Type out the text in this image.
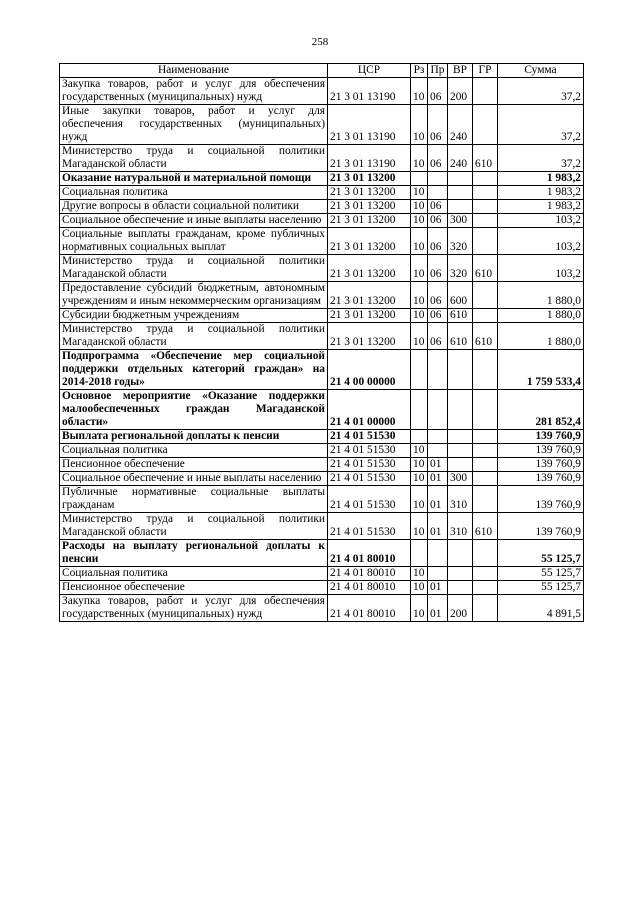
258
Наименование	ЦСР	Рз	Пр	ВР	ГР	Сумма
Закупка товаров, работ и услуг для обеспечения государственных (муниципальных) нужд	21 3 01 13190	10	06	200		37,2
Иные закупки товаров, работ и услуг для обеспечения государственных (муниципальных) нужд	21 3 01 13190	10	06	240		37,2
Министерство труда и социальной политики Магаданской области	21 3 01 13190	10	06	240	610	37,2
Оказание натуральной и материальной помощи	21 3 01 13200					1 983,2
Социальная политика	21 3 01 13200	10				1 983,2
Другие вопросы в области социальной политики	21 3 01 13200	10	06			1 983,2
Социальное обеспечение и иные выплаты населению	21 3 01 13200	10	06	300		103,2
Социальные выплаты гражданам, кроме публичных нормативных социальных выплат	21 3 01 13200	10	06	320		103,2
Министерство труда и социальной политики Магаданской области	21 3 01 13200	10	06	320	610	103,2
Предоставление субсидий бюджетным, автономным учреждениям и иным некоммерческим организациям	21 3 01 13200	10	06	600		1 880,0
Субсидии бюджетным учреждениям	21 3 01 13200	10	06	610		1 880,0
Министерство труда и социальной политики Магаданской области	21 3 01 13200	10	06	610	610	1 880,0
Подпрограмма «Обеспечение мер социальной поддержки отдельных категорий граждан» на 2014-2018 годы»	21 4 00 00000					1 759 533,4
Основное мероприятие «Оказание поддержки малообеспеченных граждан Магаданской области»	21 4 01 00000					281 852,4
Выплата региональной доплаты к пенсии	21 4 01 51530					139 760,9
Социальная политика	21 4 01 51530	10				139 760,9
Пенсионное обеспечение	21 4 01 51530	10	01			139 760,9
Социальное обеспечение и иные выплаты населению	21 4 01 51530	10	01	300		139 760,9
Публичные нормативные социальные выплаты гражданам	21 4 01 51530	10	01	310		139 760,9
Министерство труда и социальной политики Магаданской области	21 4 01 51530	10	01	310	610	139 760,9
Расходы на выплату региональной доплаты к пенсии	21 4 01 80010					55 125,7
Социальная политика	21 4 01 80010	10				55 125,7
Пенсионное обеспечение	21 4 01 80010	10	01			55 125,7
Закупка товаров, работ и услуг для обеспечения государственных (муниципальных) нужд	21 4 01 80010	10	01	200		4 891,5
